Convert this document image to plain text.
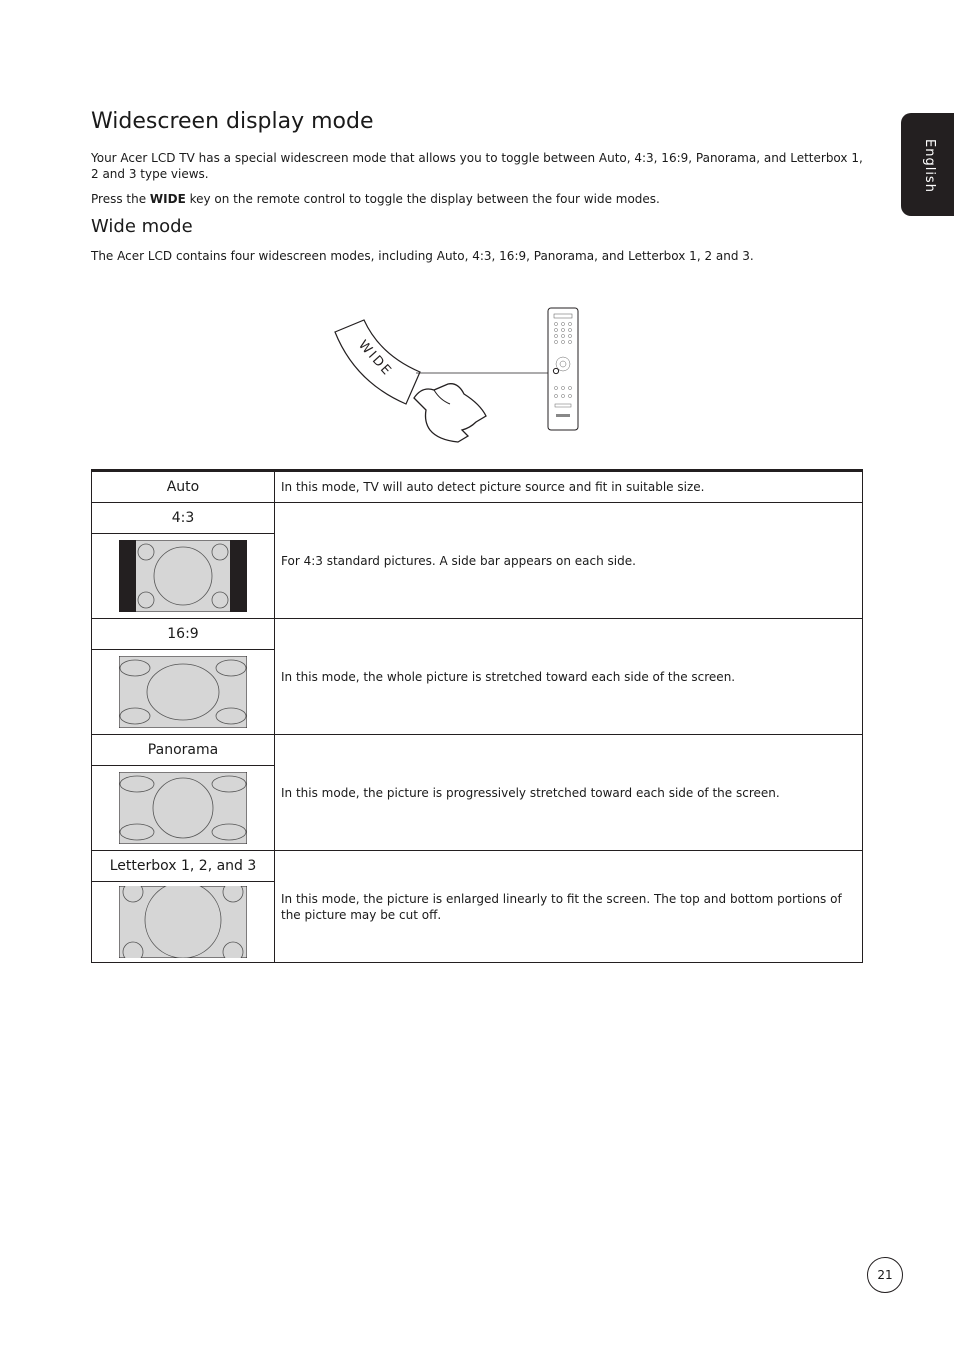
English
Widescreen display mode

Your Acer LCD TV has a special widescreen mode that allows you to toggle between Auto, 4:3, 16:9, Panorama, and Letterbox 1, 2 and 3 type views.

Press the WIDE key on the remote control to toggle the display between the four wide modes.

Wide mode

The Acer LCD contains four widescreen modes, including Auto, 4:3, 16:9, Panorama, and Letterbox 1, 2 and 3.

WIDE
Auto	In this mode, TV will auto detect picture source and fit in suitable size.
4:3	For 4:3 standard pictures. A side bar appears on each side.

16:9	In this mode, the whole picture is stretched toward each side of the screen.

Panorama	In this mode, the picture is progressively stretched toward each side of the screen.

Letterbox 1, 2, and 3	In this mode, the picture is enlarged linearly to fit the screen. The top and bottom portions of the picture may be cut off.

21
